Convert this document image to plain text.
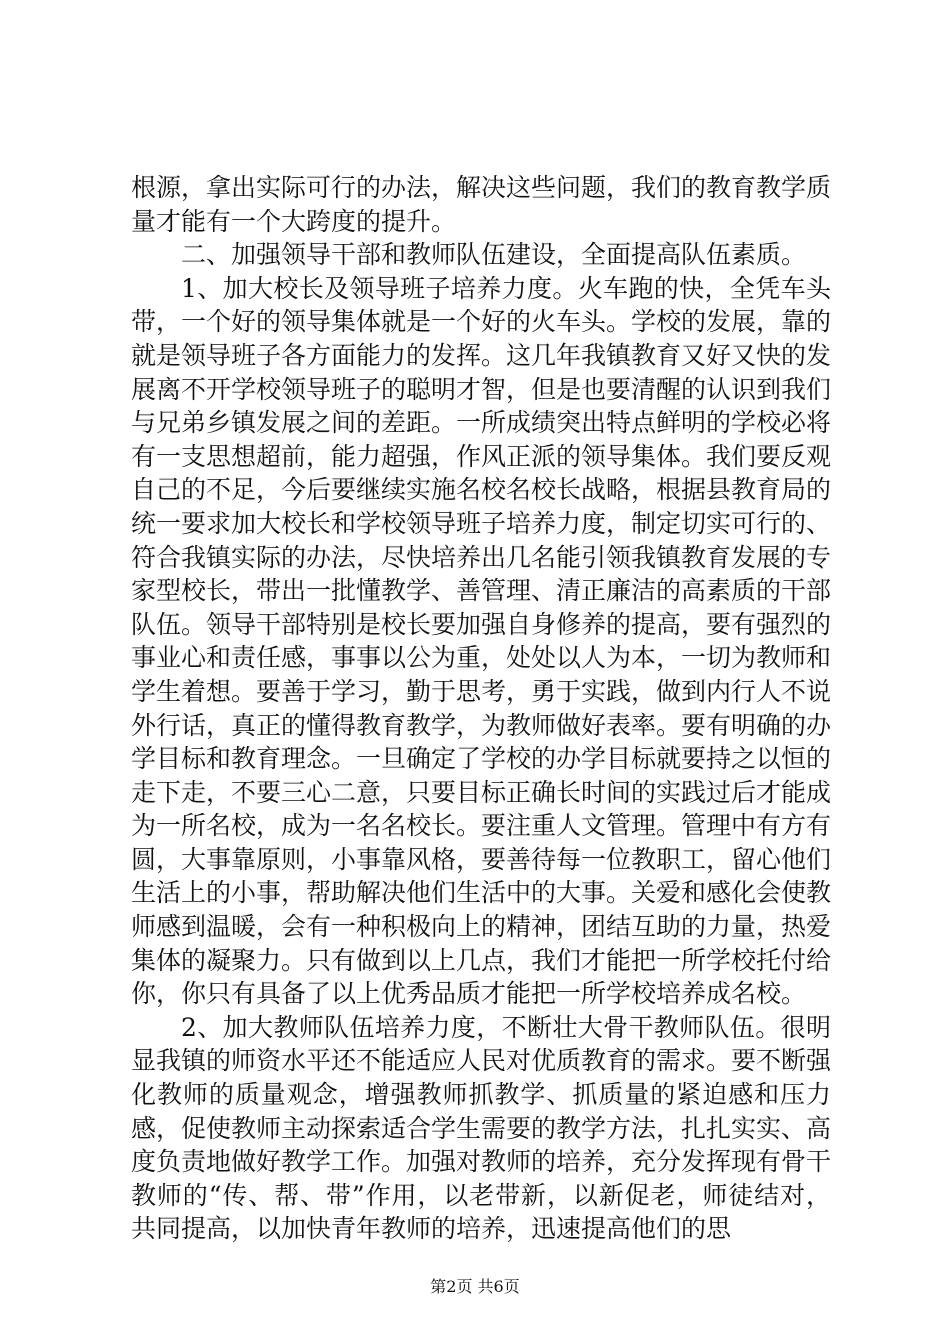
根源，拿出实际可行的办法，解决这些问题，我们的教育教学质量才能有一个大跨度的提升。

二、加强领导干部和教师队伍建设，全面提高队伍素质。

1、加大校长及领导班子培养力度。火车跑的快，全凭车头带，一个好的领导集体就是一个好的火车头。学校的发展，靠的就是领导班子各方面能力的发挥。这几年我镇教育又好又快的发展离不开学校领导班子的聪明才智，但是也要清醒的认识到我们与兄弟乡镇发展之间的差距。一所成绩突出特点鲜明的学校必将有一支思想超前，能力超强，作风正派的领导集体。我们要反观自己的不足，今后要继续实施名校名校长战略，根据县教育局的统一要求加大校长和学校领导班子培养力度，制定切实可行的、符合我镇实际的办法，尽快培养出几名能引领我镇教育发展的专家型校长，带出一批懂教学、善管理、清正廉洁的高素质的干部队伍。领导干部特别是校长要加强自身修养的提高，要有强烈的事业心和责任感，事事以公为重，处处以人为本，一切为教师和学生着想。要善于学习，勤于思考，勇于实践，做到内行人不说外行话，真正的懂得教育教学，为教师做好表率。要有明确的办学目标和教育理念。一旦确定了学校的办学目标就要持之以恒的走下走，不要三心二意，只要目标正确长时间的实践过后才能成为一所名校，成为一名名校长。要注重人文管理。管理中有方有圆，大事靠原则，小事靠风格，要善待每一位教职工，留心他们生活上的小事，帮助解决他们生活中的大事。关爱和感化会使教师感到温暖，会有一种积极向上的精神，团结互助的力量，热爱集体的凝聚力。只有做到以上几点，我们才能把一所学校托付给你，你只有具备了以上优秀品质才能把一所学校培养成名校。

2、加大教师队伍培养力度，不断壮大骨干教师队伍。很明显我镇的师资水平还不能适应人民对优质教育的需求。要不断强化教师的质量观念，增强教师抓教学、抓质量的紧迫感和压力感，促使教师主动探索适合学生需要的教学方法，扎扎实实、高度负责地做好教学工作。加强对教师的培养，充分发挥现有骨干教师的“传、帮、带”作用，以老带新，以新促老，师徒结对，共同提高，以加快青年教师的培养，迅速提高他们的思

第2页 共6页
